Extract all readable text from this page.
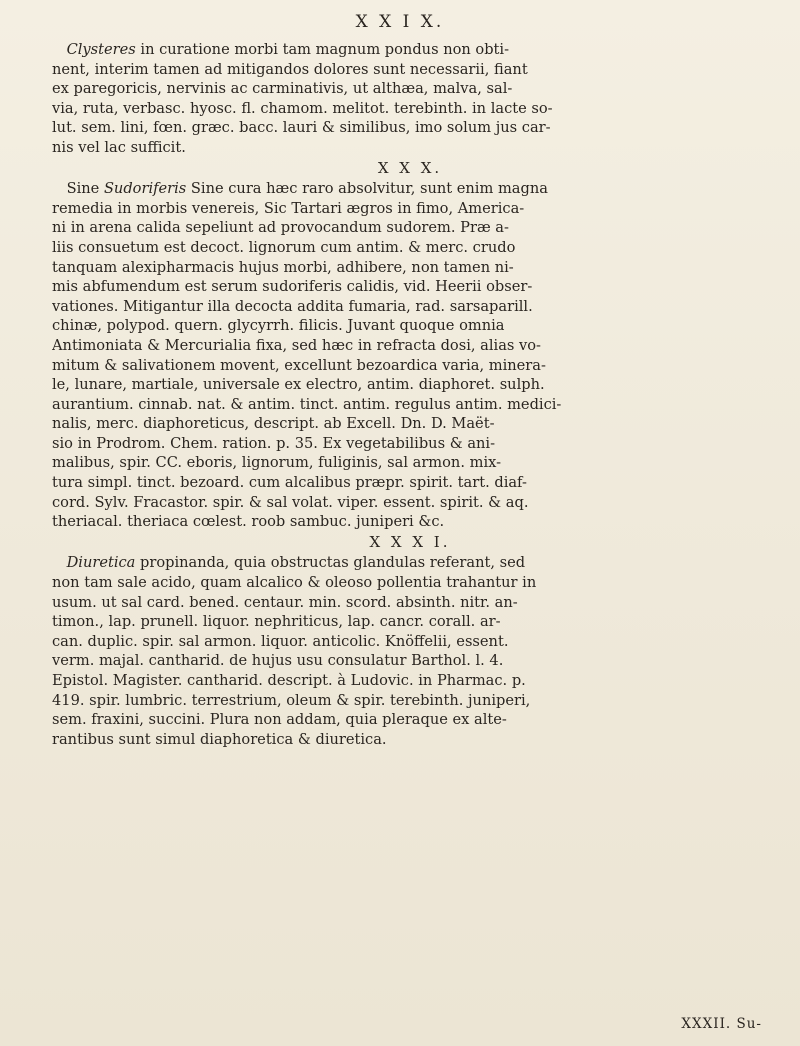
X X I X.
 Clysteres in curatione morbi tam magnum pondus non obti-
nent, interim tamen ad mitigandos dolores sunt necessarii, fiant
ex paregoricis, nervinis ac carminativis, ut althæa, malva, sal-
via, ruta, verbasc. hyosc. fl. chamom. melitot. terebinth. in lacte so-
lut. sem. lini, fœn. græc. bacc. lauri & similibus, imo solum jus car-
nis vel lac sufficit.
X X X.
 Sine Sudoriferis Sine cura hæc raro absolvitur, sunt enim magna
remedia in morbis venereis, Sic Tartari ægros in fimo, America-
ni in arena calida sepeliunt ad provocandum sudorem. Præ a-
liis consuetum est decoct. lignorum cum antim. & merc. crudo
tanquam alexipharmacis hujus morbi, adhibere, non tamen ni-
mis abfumendum est serum sudoriferis calidis, vid. Heerii obser-
vationes. Mitigantur illa decocta addita fumaria, rad. sarsaparill.
chinæ, polypod. quern. glycyrrh. filicis. Juvant quoque omnia
Antimoniata & Mercurialia fixa, sed hæc in refracta dosi, alias vo-
mitum & salivationem movent, excellunt bezoardica varia, minera-
le, lunare, martiale, universale ex electro, antim. diaphoret. sulph.
aurantium. cinnab. nat. & antim. tinct. antim. regulus antim. medici-
nalis, merc. diaphoreticus, descript. ab Excell. Dn. D. Maët-
sio in Prodrom. Chem. ration. p. 35. Ex vegetabilibus & ani-
malibus, spir. CC. eboris, lignorum, fuliginis, sal armon. mix-
tura simpl. tinct. bezoard. cum alcalibus præpr. spirit. tart. diaf-
cord. Sylv. Fracastor. spir. & sal volat. viper. essent. spirit. & aq.
theriacal. theriaca cœlest. roob sambuc. juniperi &c.
X X X I.
 Diuretica propinanda, quia obstructas glandulas referant, sed
non tam sale acido, quam alcalico & oleoso pollentia trahantur in
usum. ut sal card. bened. centaur. min. scord. absinth. nitr. an-
timon., lap. prunell. liquor. nephriticus, lap. cancr. corall. ar-
can. duplic. spir. sal armon. liquor. anticolic. Knöffelii, essent.
verm. majal. cantharid. de hujus usu consulatur Barthol. l. 4.
Epistol. Magister. cantharid. descript. à Ludovic. in Pharmac. p.
419. spir. lumbric. terrestrium, oleum & spir. terebinth. juniperi,
sem. fraxini, succini. Plura non addam, quia pleraque ex alte-
rantibus sunt simul diaphoretica & diuretica.
XXXII. Su-
